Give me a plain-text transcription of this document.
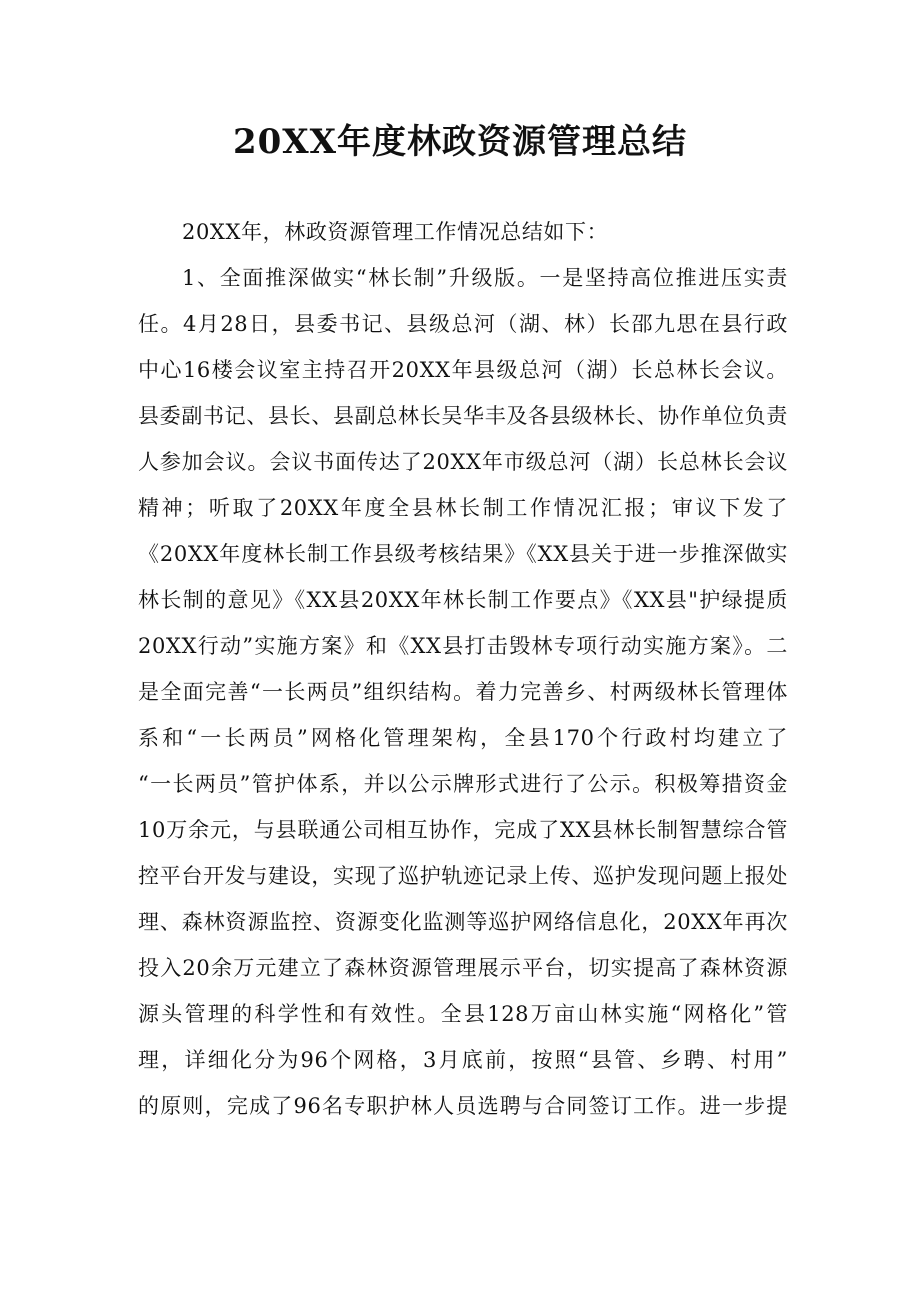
20XX年度林政资源管理总结
20XX年，林政资源管理工作情况总结如下：
1、全面推深做实“林长制”升级版。一是坚持高位推进压实责
任。4月28日，县委书记、县级总河（湖、林）长邵九思在县行政
中心16楼会议室主持召开20XX年县级总河（湖）长总林长会议。
县委副书记、县长、县副总林长吴华丰及各县级林长、协作单位负责
人参加会议。会议书面传达了20XX年市级总河（湖）长总林长会议
精神；听取了20XX年度全县林长制工作情况汇报；审议下发了
《20XX年度林长制工作县级考核结果》《XX县关于进一步推深做实
林长制的意见》《XX县20XX年林长制工作要点》《XX县"护绿提质
20XX行动”实施方案》和《XX县打击毁林专项行动实施方案》。二
是全面完善“一长两员”组织结构。着力完善乡、村两级林长管理体
系和“一长两员”网格化管理架构，全县170个行政村均建立了
“一长两员”管护体系，并以公示牌形式进行了公示。积极筹措资金
10万余元，与县联通公司相互协作，完成了XX县林长制智慧综合管
控平台开发与建设，实现了巡护轨迹记录上传、巡护发现问题上报处
理、森林资源监控、资源变化监测等巡护网络信息化，20XX年再次
投入20余万元建立了森林资源管理展示平台，切实提高了森林资源
源头管理的科学性和有效性。全县128万亩山林实施“网格化”管
理，详细化分为96个网格，3月底前，按照“县管、乡聘、村用”
的原则，完成了96名专职护林人员选聘与合同签订工作。进一步提
